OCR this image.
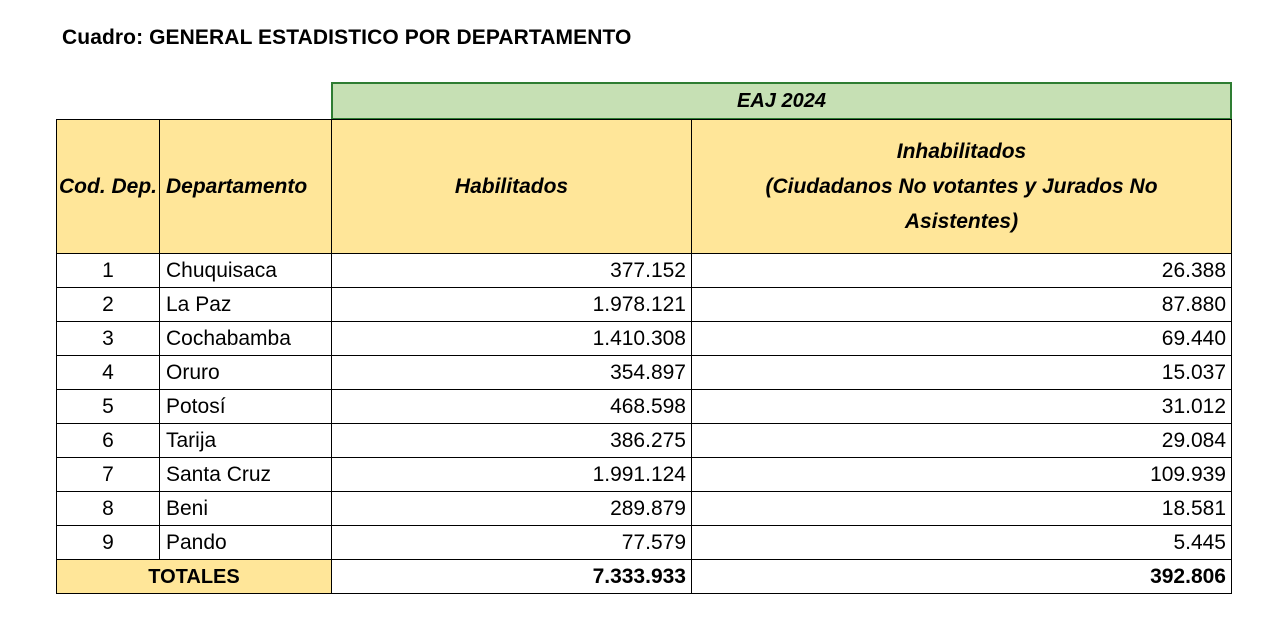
Cuadro: GENERAL ESTADISTICO POR DEPARTAMENTO
EAJ 2024
Cod. Dep.	Departamento	Habilitados	Inhabilitados
(Ciudadanos No votantes y Jurados No
Asistentes)

1	Chuquisaca	377.152	26.388
2	La Paz	1.978.121	87.880
3	Cochabamba	1.410.308	69.440
4	Oruro	354.897	15.037
5	Potosí	468.598	31.012
6	Tarija	386.275	29.084
7	Santa Cruz	1.991.124	109.939
8	Beni	289.879	18.581
9	Pando	77.579	5.445
TOTALES		7.333.933	392.806
